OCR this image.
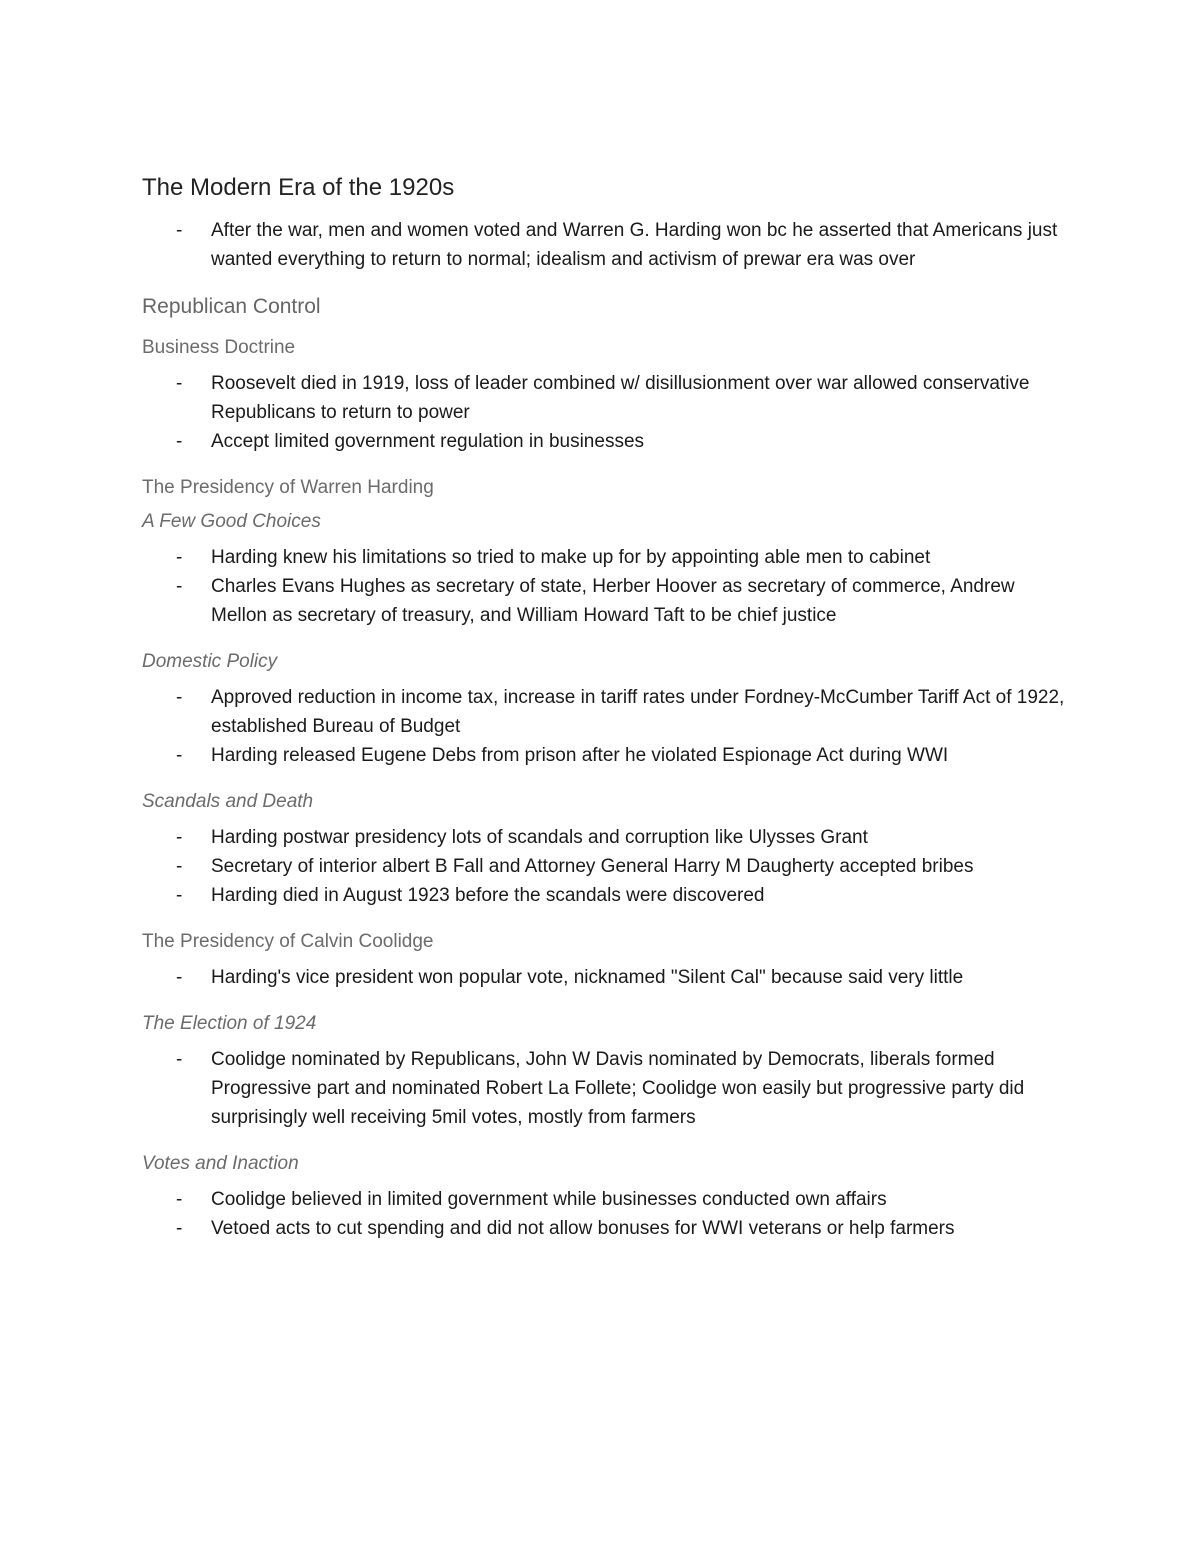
The Modern Era of the 1920s
- After the war, men and women voted and Warren G. Harding won bc he asserted that Americans just wanted everything to return to normal; idealism and activism of prewar era was over
Republican Control
Business Doctrine
- Roosevelt died in 1919, loss of leader combined w/ disillusionment over war allowed conservative Republicans to return to power
- Accept limited government regulation in businesses
The Presidency of Warren Harding
A Few Good Choices
- Harding knew his limitations so tried to make up for by appointing able men to cabinet
- Charles Evans Hughes as secretary of state, Herber Hoover as secretary of commerce, Andrew Mellon as secretary of treasury, and William Howard Taft to be chief justice
Domestic Policy
- Approved reduction in income tax, increase in tariff rates under Fordney-McCumber Tariff Act of 1922, established Bureau of Budget
- Harding released Eugene Debs from prison after he violated Espionage Act during WWI
Scandals and Death
- Harding postwar presidency lots of scandals and corruption like Ulysses Grant
- Secretary of interior albert B Fall and Attorney General Harry M Daugherty accepted bribes
- Harding died in August 1923 before the scandals were discovered
The Presidency of Calvin Coolidge
- Harding's vice president won popular vote, nicknamed "Silent Cal" because said very little
The Election of 1924
- Coolidge nominated by Republicans, John W Davis nominated by Democrats, liberals formed Progressive part and nominated Robert La Follete; Coolidge won easily but progressive party did surprisingly well receiving 5mil votes, mostly from farmers
Votes and Inaction
- Coolidge believed in limited government while businesses conducted own affairs
- Vetoed acts to cut spending and did not allow bonuses for WWI veterans or help farmers
